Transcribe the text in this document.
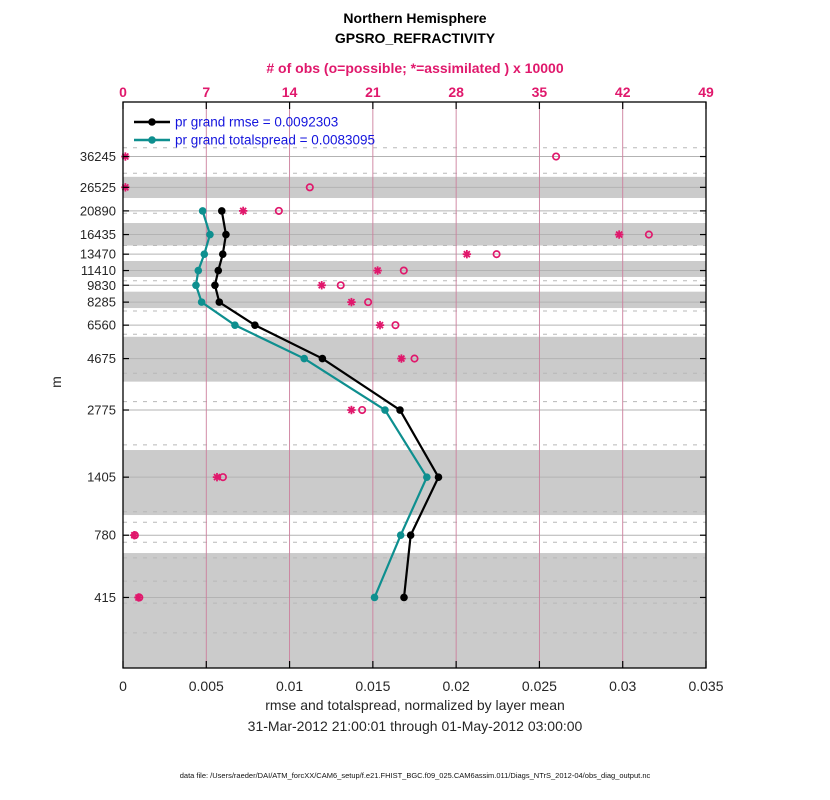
Northern Hemisphere
GPSRO_REFRACTIVITY
# of obs (o=possible; *=assimilated ) x 10000
m
0	7	14	21	28	35	42	49
0	0.005	0.01	0.015	0.02	0.025	0.03	0.035
36245
26525
20890
16435
13470
11410
9830
8285
6560
4675
2775
1405
780
415
pr grand rmse = 0.0092303
pr grand totalspread = 0.0083095
rmse and totalspread, normalized by layer mean
31-Mar-2012 21:00:01 through 01-May-2012 03:00:00
data file: /Users/raeder/DAI/ATM_forcXX/CAM6_setup/f.e21.FHIST_BGC.f09_025.CAM6assim.011/Diags_NTrS_2012-04/obs_diag_output.nc
